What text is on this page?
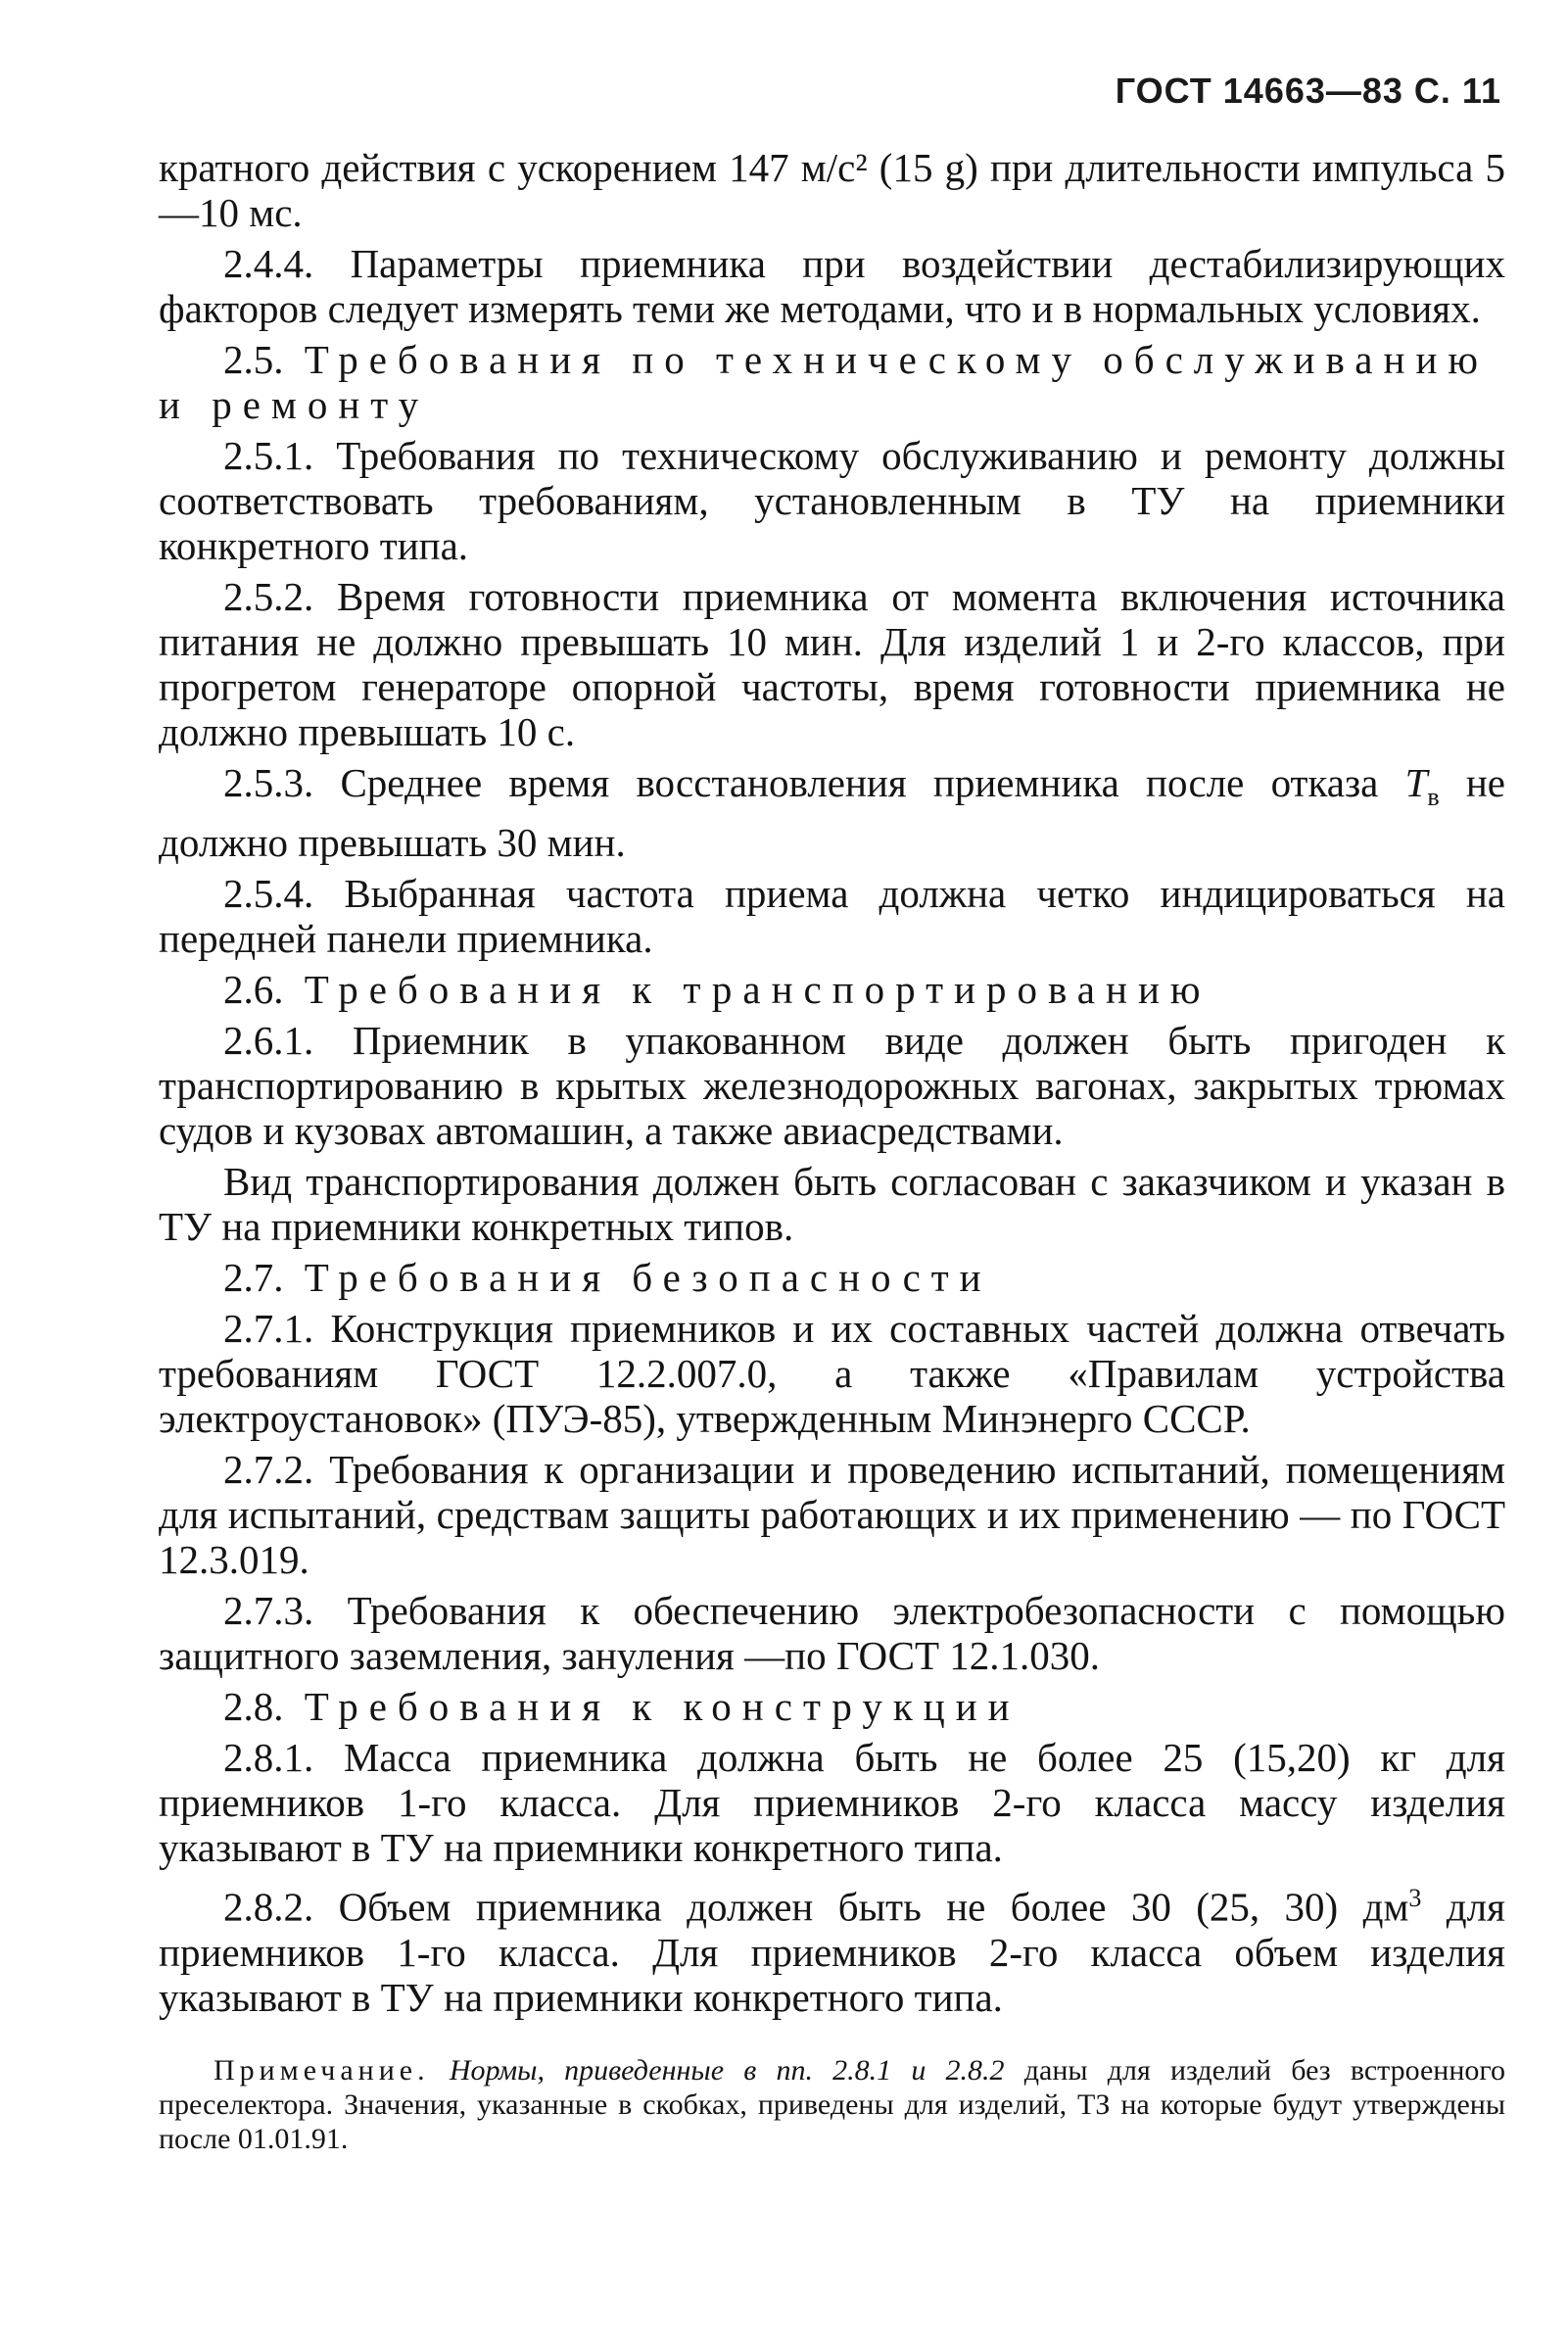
ГОСТ 14663—83 С. 11

кратного действия с ускорением 147 м/с² (15 g) при длительности импульса 5—10 мс.

2.4.4. Параметры приемника при воздействии дестабилизирующих факторов следует измерять теми же методами, что и в нормальных условиях.

2.5. Требования по техническому обслуживанию и ремонту

2.5.1. Требования по техническому обслуживанию и ремонту должны соответствовать требованиям, установленным в ТУ на приемники конкретного типа.

2.5.2. Время готовности приемника от момента включения источника питания не должно превышать 10 мин. Для изделий 1 и 2-го классов, при прогретом генераторе опорной частоты, время готовности приемника не должно превышать 10 с.

2.5.3. Среднее время восстановления приемника после отказа $T_в$ не должно превышать 30 мин.

2.5.4. Выбранная частота приема должна четко индицироваться на передней панели приемника.

2.6. Требования к транспортированию

2.6.1. Приемник в упакованном виде должен быть пригоден к транспортированию в крытых железнодорожных вагонах, закрытых трюмах судов и кузовах автомашин, а также авиасредствами.

Вид транспортирования должен быть согласован с заказчиком и указан в ТУ на приемники конкретных типов.

2.7. Требования безопасности

2.7.1. Конструкция приемников и их составных частей должна отвечать требованиям ГОСТ 12.2.007.0, а также «Правилам устройства электроустановок» (ПУЭ-85), утвержденным Минэнерго СССР.

2.7.2. Требования к организации и проведению испытаний, помещениям для испытаний, средствам защиты работающих и их применению — по ГОСТ 12.3.019.

2.7.3. Требования к обеспечению электробезопасности с помощью защитного заземления, зануления —по ГОСТ 12.1.030.

2.8. Требования к конструкции

2.8.1. Масса приемника должна быть не более 25 (15,20) кг для приемников 1-го класса. Для приемников 2-го класса массу изделия указывают в ТУ на приемники конкретного типа.

2.8.2. Объем приемника должен быть не более 30 (25, 30) $дм^3$ для приемников 1-го класса. Для приемников 2-го класса объем изделия указывают в ТУ на приемники конкретного типа.

Примечание. Нормы, приведенные в пп. 2.8.1 и 2.8.2 даны для изделий без встроенного преселектора. Значения, указанные в скобках, приведены для изделий, ТЗ на которые будут утверждены после 01.01.91.
